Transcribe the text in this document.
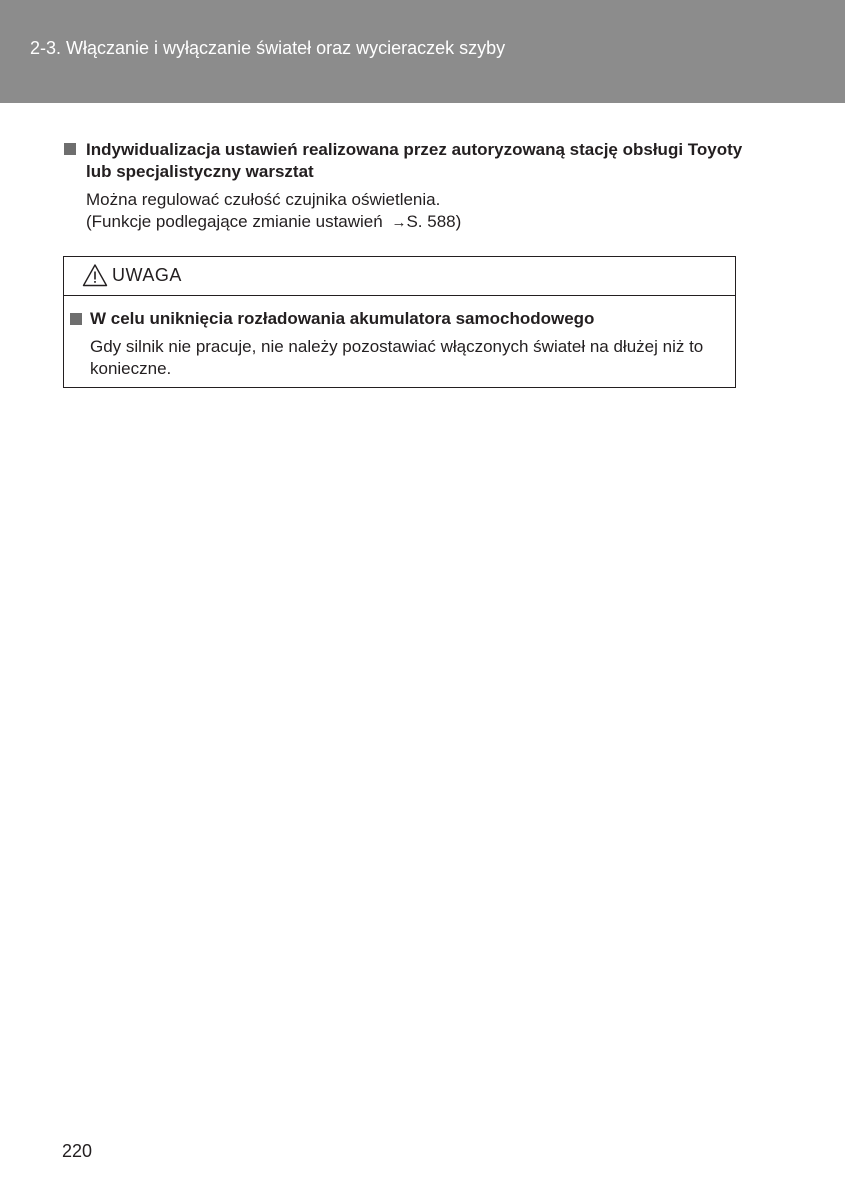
2-3. Włączanie i wyłączanie świateł oraz wycieraczek szyby
Indywidualizacja ustawień realizowana przez autoryzowaną stację obsługi Toyoty lub specjalistyczny warsztat
Można regulować czułość czujnika oświetlenia.
(Funkcje podlegające zmianie ustawień →S. 588)
UWAGA
W celu uniknięcia rozładowania akumulatora samochodowego
Gdy silnik nie pracuje, nie należy pozostawiać włączonych świateł na dłużej niż to konieczne.
220
